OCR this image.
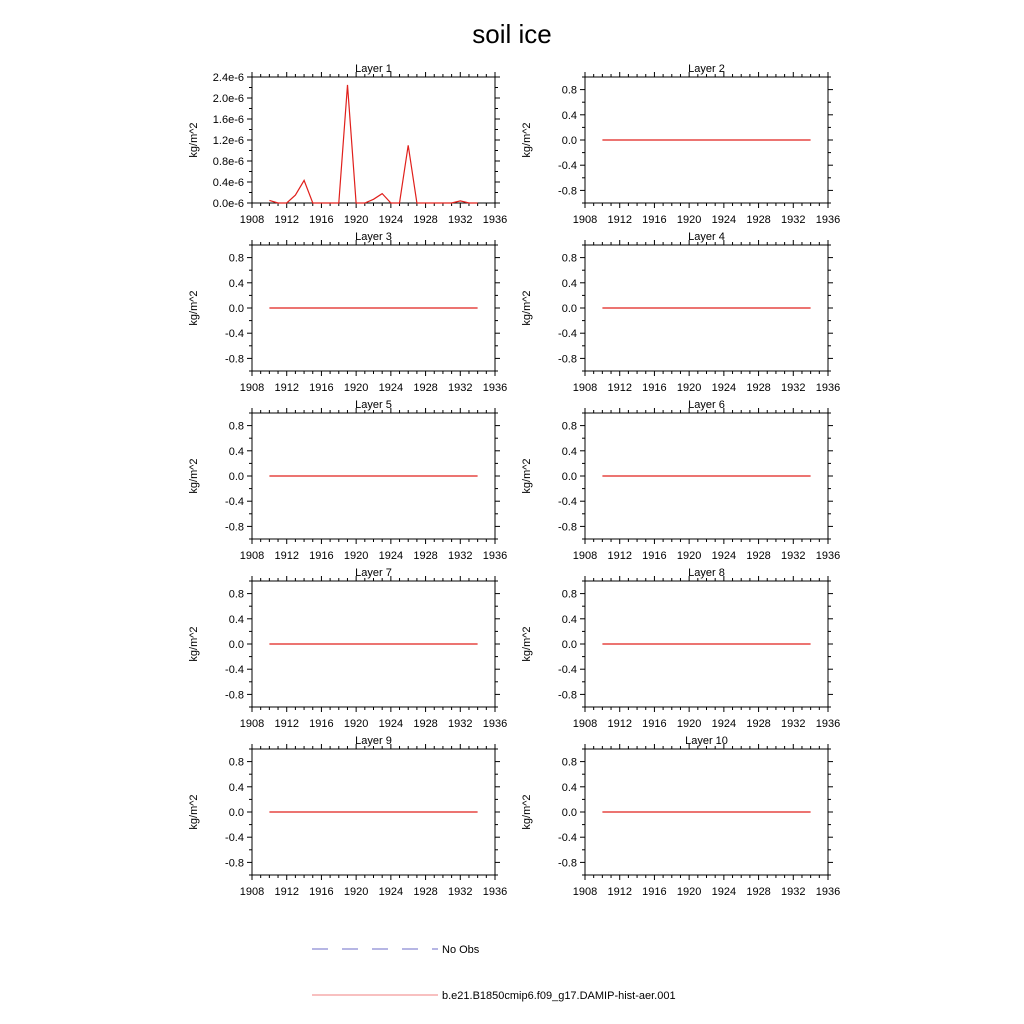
soil ice
Layer 1
kg/m^2
1908 1912 1916 1920 1924 1928 1932 1936
0.0e-6
0.4e-6
0.8e-6
1.2e-6
1.6e-6
2.0e-6
2.4e-6
Layer 2
kg/m^2
1908 1912 1916 1920 1924 1928 1932 1936
-0.8
-0.4
0.0
0.4
0.8
Layer 3
kg/m^2
1908 1912 1916 1920 1924 1928 1932 1936
-0.8
-0.4
0.0
0.4
0.8
Layer 4
kg/m^2
1908 1912 1916 1920 1924 1928 1932 1936
-0.8
-0.4
0.0
0.4
0.8
Layer 5
kg/m^2
1908 1912 1916 1920 1924 1928 1932 1936
-0.8
-0.4
0.0
0.4
0.8
Layer 6
kg/m^2
1908 1912 1916 1920 1924 1928 1932 1936
-0.8
-0.4
0.0
0.4
0.8
Layer 7
kg/m^2
1908 1912 1916 1920 1924 1928 1932 1936
-0.8
-0.4
0.0
0.4
0.8
Layer 8
kg/m^2
1908 1912 1916 1920 1924 1928 1932 1936
-0.8
-0.4
0.0
0.4
0.8
Layer 9
kg/m^2
1908 1912 1916 1920 1924 1928 1932 1936
-0.8
-0.4
0.0
0.4
0.8
Layer 10
kg/m^2
1908 1912 1916 1920 1924 1928 1932 1936
-0.8
-0.4
0.0
0.4
0.8
No Obs
b.e21.B1850cmip6.f09_g17.DAMIP-hist-aer.001
